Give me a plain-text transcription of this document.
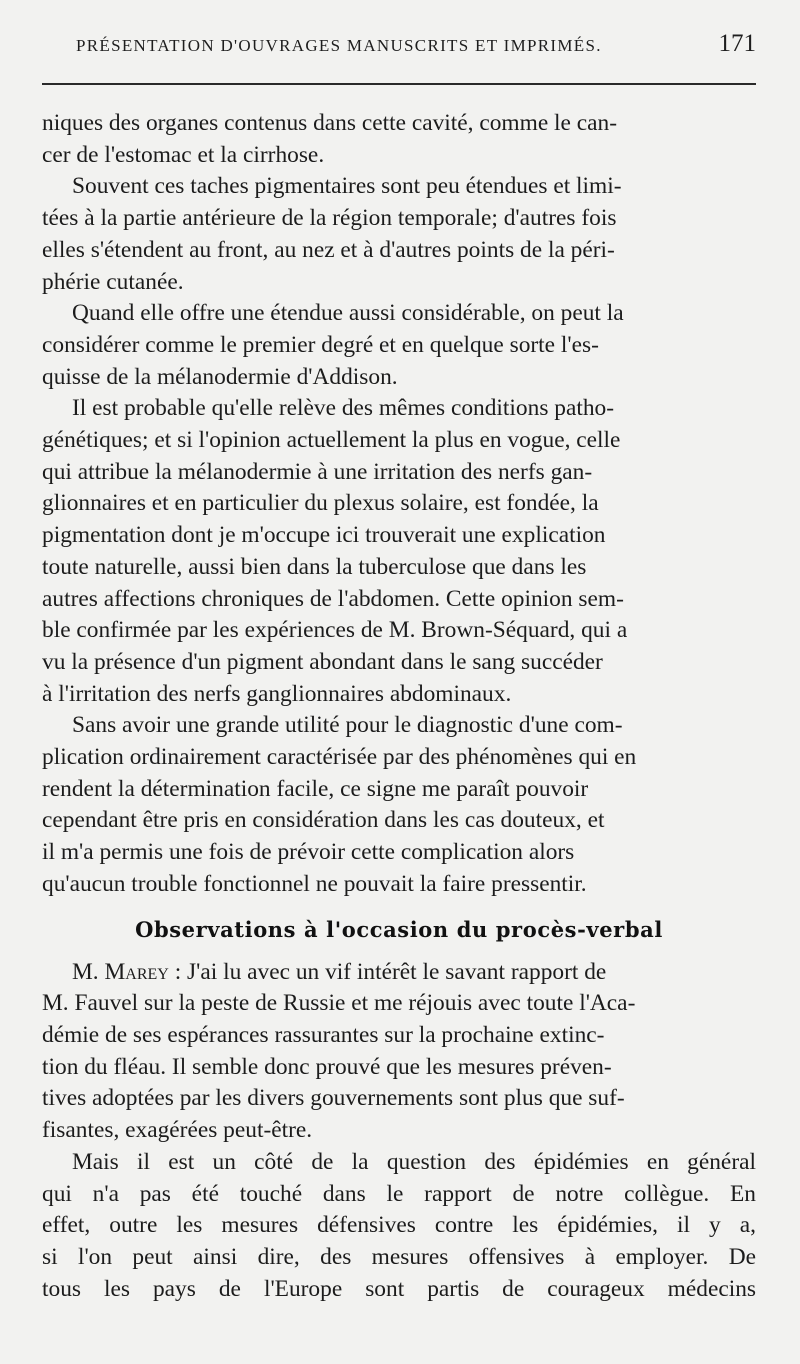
PRÉSENTATION D'OUVRAGES MANUSCRITS ET IMPRIMÉS.	171

niques des organes contenus dans cette cavité, comme le can-
cer de l'estomac et la cirrhose.

Souvent ces taches pigmentaires sont peu étendues et limi-
tées à la partie antérieure de la région temporale; d'autres fois
elles s'étendent au front, au nez et à d'autres points de la péri-
phérie cutanée.

Quand elle offre une étendue aussi considérable, on peut la
considérer comme le premier degré et en quelque sorte l'es-
quisse de la mélanodermie d'Addison.

Il est probable qu'elle relève des mêmes conditions patho-
génétiques; et si l'opinion actuellement la plus en vogue, celle
qui attribue la mélanodermie à une irritation des nerfs gan-
glionnaires et en particulier du plexus solaire, est fondée, la
pigmentation dont je m'occupe ici trouverait une explication
toute naturelle, aussi bien dans la tuberculose que dans les
autres affections chroniques de l'abdomen. Cette opinion sem-
ble confirmée par les expériences de M. Brown-Séquard, qui a
vu la présence d'un pigment abondant dans le sang succéder
à l'irritation des nerfs ganglionnaires abdominaux.

Sans avoir une grande utilité pour le diagnostic d'une com-
plication ordinairement caractérisée par des phénomènes qui en
rendent la détermination facile, ce signe me paraît pouvoir
cependant être pris en considération dans les cas douteux, et
il m'a permis une fois de prévoir cette complication alors
qu'aucun trouble fonctionnel ne pouvait la faire pressentir.

Observations à l'occasion du procès-verbal

M. Marey : J'ai lu avec un vif intérêt le savant rapport de
M. Fauvel sur la peste de Russie et me réjouis avec toute l'Aca-
démie de ses espérances rassurantes sur la prochaine extinc-
tion du fléau. Il semble donc prouvé que les mesures préven-
tives adoptées par les divers gouvernements sont plus que suf-
fisantes, exagérées peut-être.

Mais il est un côté de la question des épidémies en général
qui n'a pas été touché dans le rapport de notre collègue. En
effet, outre les mesures défensives contre les épidémies, il y a,
si l'on peut ainsi dire, des mesures offensives à employer. De
tous les pays de l'Europe sont partis de courageux médecins
